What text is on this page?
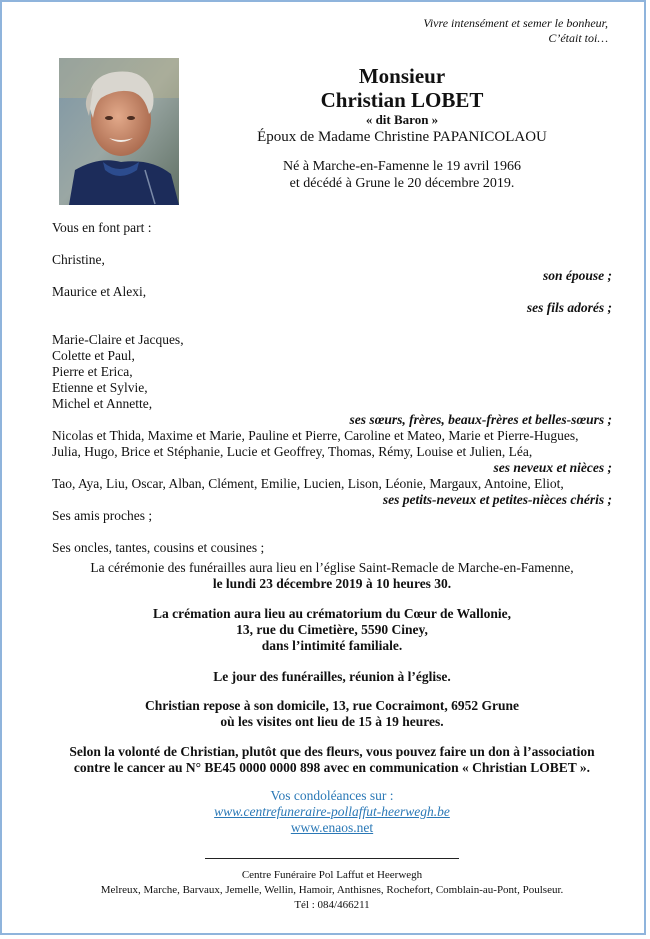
Vivre intensément et semer le bonheur,
C’était toi…
Monsieur
Christian LOBET
« dit Baron »
Époux de Madame Christine PAPANICOLAOU
Né à Marche-en-Famenne le 19 avril 1966
et décédé à Grune le 20 décembre 2019.
Vous en font part :
Christine,
son épouse ;
Maurice et Alexi,
ses fils adorés ;
Marie-Claire et Jacques,
Colette et Paul,
Pierre et Erica,
Etienne et Sylvie,
Michel et Annette,
ses sœurs, frères, beaux-frères et belles-sœurs ;
Nicolas et Thida, Maxime et Marie, Pauline et Pierre, Caroline et Mateo, Marie et Pierre-Hugues,
Julia, Hugo, Brice et Stéphanie, Lucie et Geoffrey, Thomas, Rémy, Louise et Julien, Léa,
ses neveux et nièces ;
Tao, Aya, Liu, Oscar, Alban, Clément, Emilie, Lucien, Lison, Léonie, Margaux, Antoine, Eliot,
ses petits-neveux et petites-nièces chéris ;
Ses amis proches ;
Ses oncles, tantes, cousins et cousines ;
La cérémonie des funérailles aura lieu en l’église Saint-Remacle de Marche-en-Famenne,
le lundi 23 décembre 2019 à 10 heures 30.
La crémation aura lieu au crématorium du Cœur de Wallonie,
13, rue du Cimetière, 5590 Ciney,
dans l’intimité familiale.
Le jour des funérailles, réunion à l’église.
Christian repose à son domicile, 13, rue Cocraimont, 6952 Grune
où les visites ont lieu de 15 à 19 heures.
Selon la volonté de Christian, plutôt que des fleurs, vous pouvez faire un don à l’association
contre le cancer au N° BE45 0000 0000 898 avec en communication « Christian LOBET ».
Vos condoléances sur :
www.centrefuneraire-pollaffut-heerwegh.be
www.enaos.net
Centre Funéraire Pol Laffut et Heerwegh
Melreux, Marche, Barvaux, Jemelle, Wellin, Hamoir, Anthisnes, Rochefort, Comblain-au-Pont, Poulseur.
Tél : 084/466211
